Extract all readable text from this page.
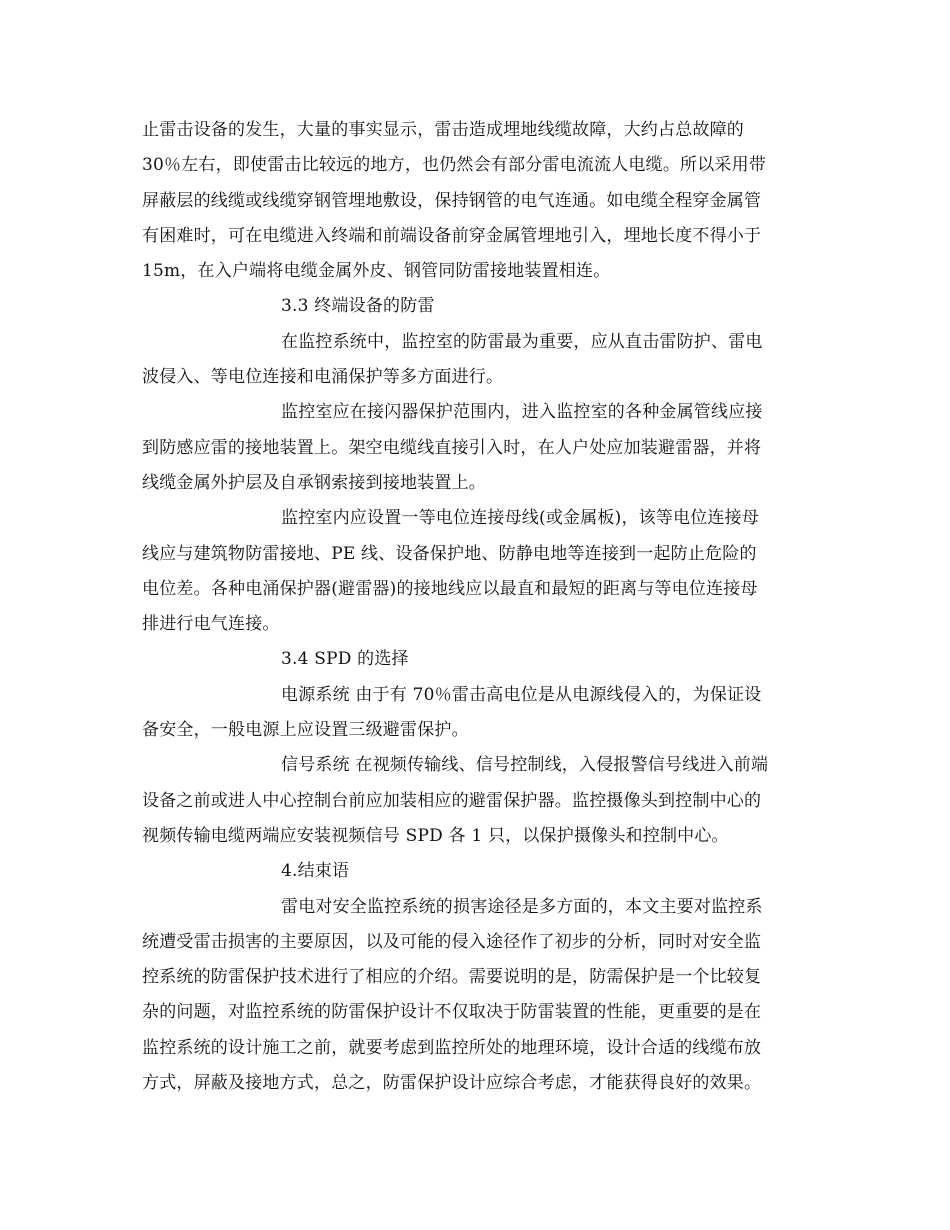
止雷击设备的发生，大量的事实显示，雷击造成埋地线缆故障，大约占总故障的
30％左右，即使雷击比较远的地方，也仍然会有部分雷电流流人电缆。所以采用带
屏蔽层的线缆或线缆穿钢管埋地敷设，保持钢管的电气连通。如电缆全程穿金属管
有困难时，可在电缆进入终端和前端设备前穿金属管埋地引入，埋地长度不得小于
15m，在入户端将电缆金属外皮、钢管同防雷接地装置相连。
3.3 终端设备的防雷
在监控系统中，监控室的防雷最为重要，应从直击雷防护、雷电
波侵入、等电位连接和电涌保护等多方面进行。
监控室应在接闪器保护范围内，进入监控室的各种金属管线应接
到防感应雷的接地装置上。架空电缆线直接引入时，在人户处应加装避雷器，并将
线缆金属外护层及自承钢索接到接地装置上。
监控室内应设置一等电位连接母线(或金属板)，该等电位连接母
线应与建筑物防雷接地、PE 线、设备保护地、防静电地等连接到一起防止危险的
电位差。各种电涌保护器(避雷器)的接地线应以最直和最短的距离与等电位连接母
排进行电气连接。
3.4 SPD 的选择
电源系统 由于有 70％雷击高电位是从电源线侵入的，为保证设
备安全，一般电源上应设置三级避雷保护。
信号系统 在视频传输线、信号控制线，入侵报警信号线进入前端
设备之前或进人中心控制台前应加装相应的避雷保护器。监控摄像头到控制中心的
视频传输电缆两端应安装视频信号 SPD 各 1 只，以保护摄像头和控制中心。
4.结束语
雷电对安全监控系统的损害途径是多方面的，本文主要对监控系
统遭受雷击损害的主要原因，以及可能的侵入途径作了初步的分析，同时对安全监
控系统的防雷保护技术进行了相应的介绍。需要说明的是，防需保护是一个比较复
杂的问题，对监控系统的防雷保护设计不仅取决于防雷装置的性能，更重要的是在
监控系统的设计施工之前，就要考虑到监控所处的地理环境，设计合适的线缆布放
方式，屏蔽及接地方式，总之，防雷保护设计应综合考虑，才能获得良好的效果。
